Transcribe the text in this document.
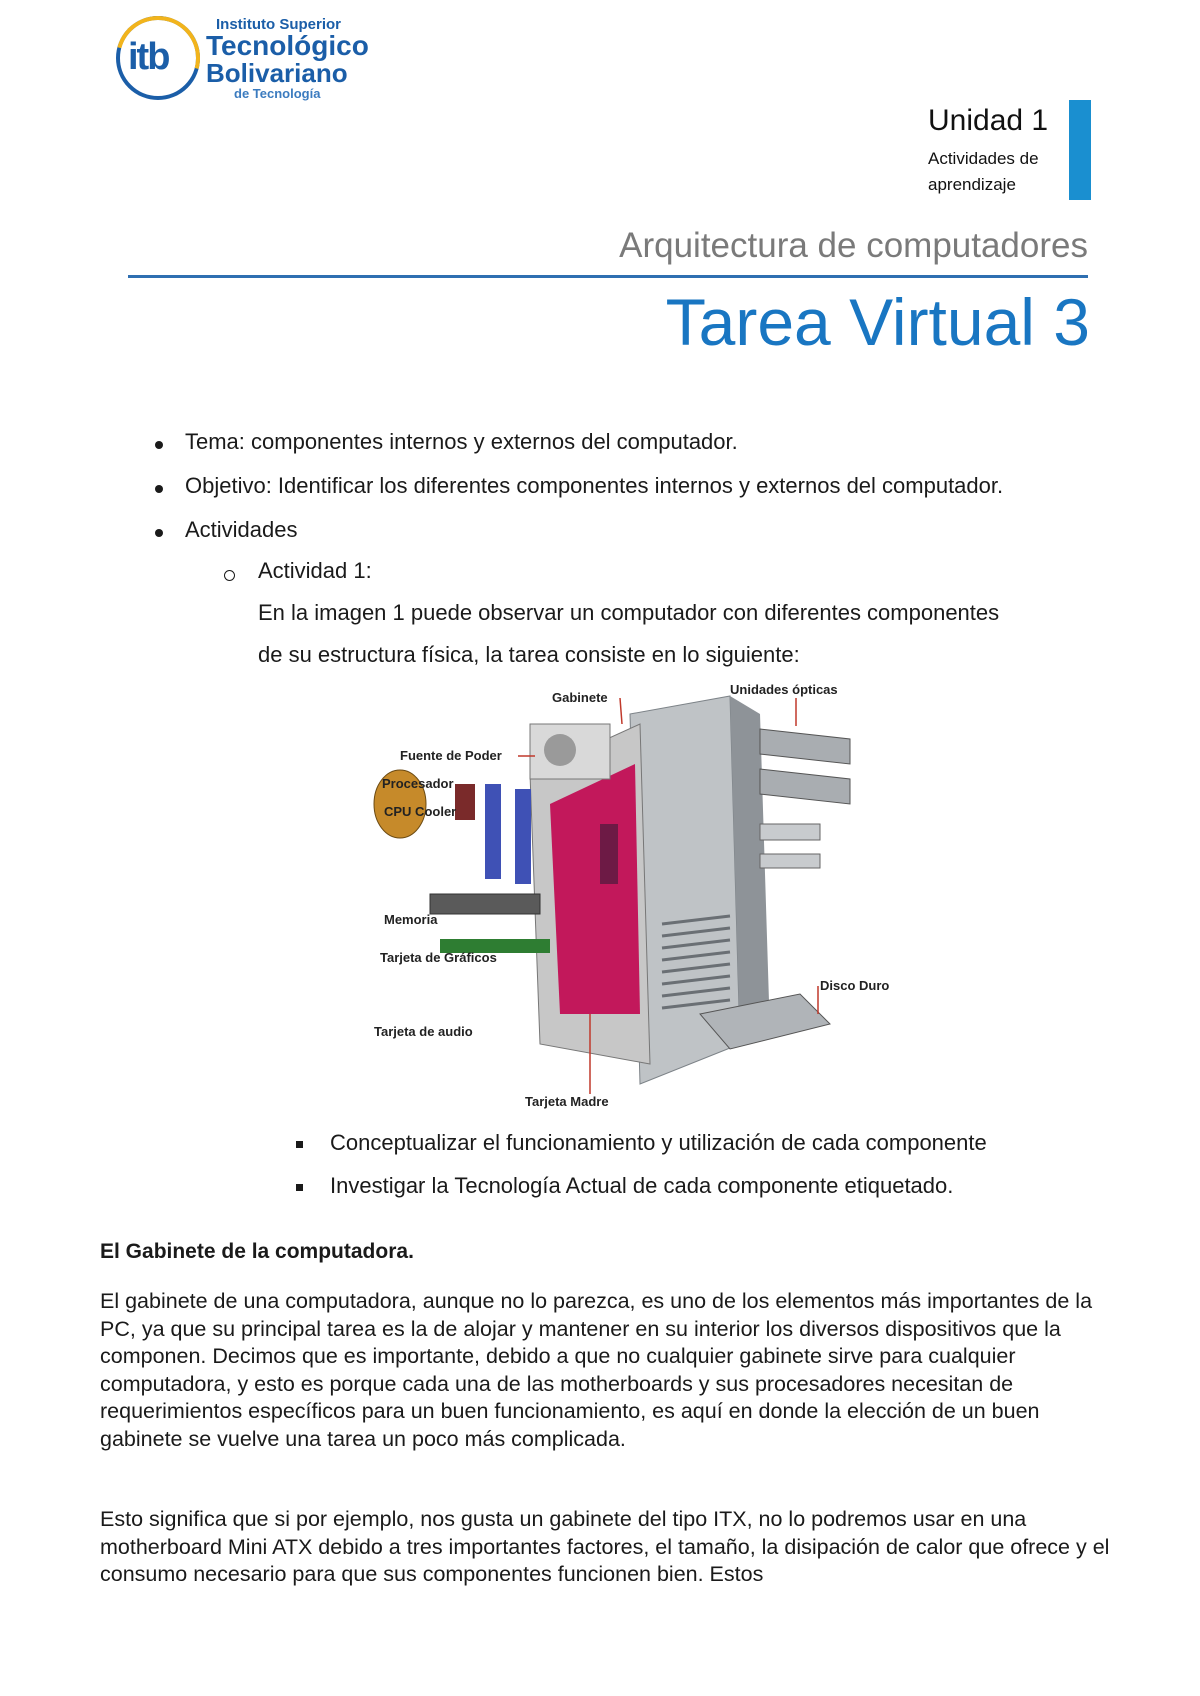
itb
Instituto Superior
Tecnológico
Bolivariano
de Tecnología
Unidad 1
Actividades de aprendizaje
Arquitectura de computadores
Tarea Virtual 3
Tema: componentes internos y externos del computador.
Objetivo: Identificar los diferentes componentes internos y externos del computador.
Actividades
Actividad 1:
En la imagen 1 puede observar un computador con diferentes componentes
de su estructura física, la tarea consiste en lo siguiente:
Gabinete
Unidades ópticas
Fuente de Poder
Procesador
CPU Cooler
Memoria
Tarjeta de Gráficos
Tarjeta de audio
Disco Duro
Tarjeta Madre
Conceptualizar el funcionamiento y utilización de cada componente
Investigar la Tecnología Actual de cada componente etiquetado.
El Gabinete de la computadora.
El gabinete de una computadora, aunque no lo parezca, es uno de los elementos más importantes de la PC, ya que su principal tarea es la de alojar y mantener en su interior los diversos dispositivos que la componen. Decimos que es importante, debido a que no cualquier gabinete sirve para cualquier computadora, y esto es porque cada una de las motherboards y sus procesadores necesitan de requerimientos específicos para un buen funcionamiento, es aquí en donde la elección de un buen gabinete se vuelve una tarea un poco más complicada.
Esto significa que si por ejemplo, nos gusta un gabinete del tipo ITX, no lo podremos usar en una motherboard Mini ATX debido a tres importantes factores, el tamaño, la disipación de calor que ofrece y el consumo necesario para que sus componentes funcionen bien. Estos
